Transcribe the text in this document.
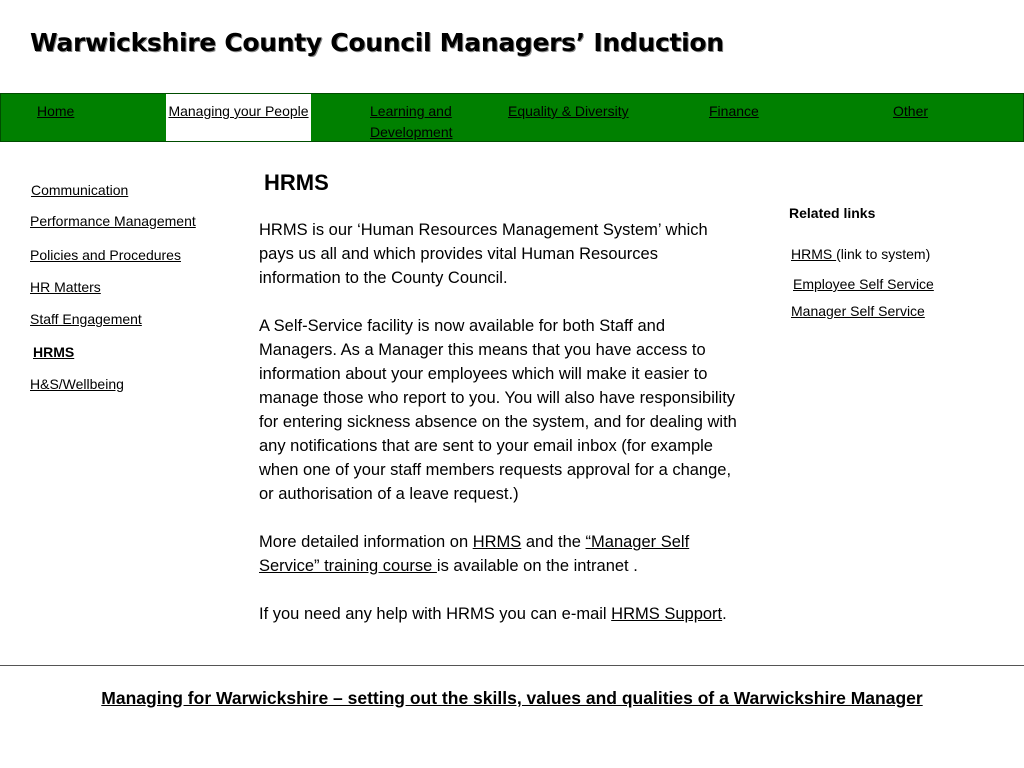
Warwickshire County Council Managers’ Induction
Home	Managing your People	Learning and Development
Equality & Diversity	Finance	Other
Communication
Performance Management
Policies and Procedures
HR Matters
Staff Engagement
HRMS
H&S/Wellbeing
HRMS

HRMS is our ‘Human Resources Management System’ which pays us all and which provides vital Human Resources information to the County Council.

A Self-Service facility is now available for both Staff and Managers. As a Manager this means that you have access to information about your employees which will make it easier to manage those who report to you. You will also have responsibility for entering sickness absence on the system, and for dealing with any notifications that are sent to your email inbox (for example when one of your staff members requests approval for a change, or authorisation of a leave request.)

More detailed information on HRMS and the “Manager Self Service” training course is available on the intranet .

If you need any help with HRMS you can e-mail HRMS Support.

Related links
HRMS (link to system)
Employee Self Service
Manager Self Service
Managing for Warwickshire – setting out the skills, values and qualities of a Warwickshire Manager
